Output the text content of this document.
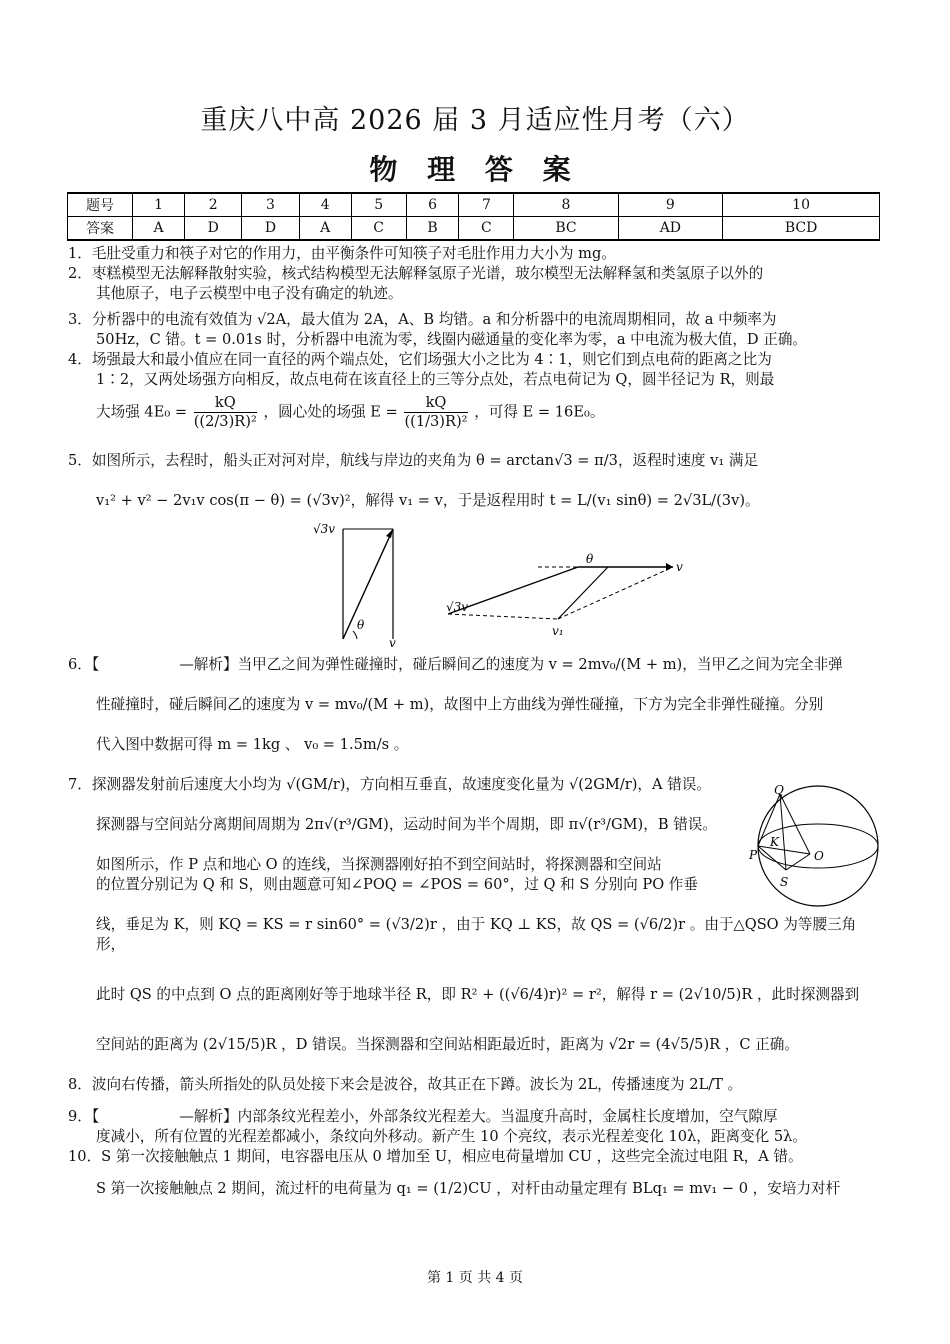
重庆八中高 2026 届 3 月适应性月考（六）
物 理 答 案
题号	1	2	3	4	5	6	7	8	9	10
答案	A	D	D	A	C	B	C	BC	AD	BCD
1．毛肚受重力和筷子对它的作用力，由平衡条件可知筷子对毛肚作用力大小为 mg。
2．枣糕模型无法解释散射实验，核式结构模型无法解释氢原子光谱，玻尔模型无法解释氢和类氢原子以外的
其他原子，电子云模型中电子没有确定的轨迹。
3．分析器中的电流有效值为 √2A，最大值为 2A，A、B 均错。a 和分析器中的电流周期相同，故 a 中频率为
50Hz，C 错。t = 0.01s 时，分析器中电流为零，线圈内磁通量的变化率为零，a 中电流为极大值，D 正确。
4．场强最大和最小值应在同一直径的两个端点处，它们场强大小之比为 4∶1，则它们到点电荷的距离之比为
1∶2，又两处场强方向相反，故点电荷在该直径上的三等分点处，若点电荷记为 Q，圆半径记为 R，则最
大场强 $4E_0 = \frac{kQ}{\text{((2/3)R)²}}$ ，圆心处的场强 $E = \frac{kQ}{\text{((1/3)R)²}}$ ，可得 E = 16E₀。
5．如图所示，去程时，船头正对河对岸，航线与岸边的夹角为 θ = arctan√3 = π/3，返程时速度 v₁ 满足
v₁² + v² − 2v₁v cos(π − θ) = (√3v)²，解得 v₁ = v，于是返程用时 t = L/(v₁ sinθ) = 2√3L/(3v)。
√3v
θ
v
θ
v
√3v
v₁
6．【	—解析】当甲乙之间为弹性碰撞时，碰后瞬间乙的速度为 v = 2mv₀/(M + m)，当甲乙之间为完全非弹
性碰撞时，碰后瞬间乙的速度为 v = mv₀/(M + m)，故图中上方曲线为弹性碰撞，下方为完全非弹性碰撞。分别
代入图中数据可得 m = 1kg 、 v₀ = 1.5m/s 。
7．探测器发射前后速度大小均为 √(GM/r)，方向相互垂直，故速度变化量为 √(2GM/r)，A 错误。
探测器与空间站分离期间周期为 2π√(r³/GM)，运动时间为半个周期，即 π√(r³/GM)，B 错误。
如图所示，作 P 点和地心 O 的连线，当探测器刚好拍不到空间站时，将探测器和空间站
的位置分别记为 Q 和 S，则由题意可知∠POQ = ∠POS = 60°，过 Q 和 S 分别向 PO 作垂
线，垂足为 K，则 KQ = KS = r sin60° = (√3/2)r ，由于 KQ ⊥ KS，故 QS = (√6/2)r 。由于△QSO 为等腰三角形，
此时 QS 的中点到 O 点的距离刚好等于地球半径 R，即 R² + ((√6/4)r)² = r²，解得 r = (2√10/5)R ，此时探测器到
空间站的距离为 (2√15/5)R ，D 错误。当探测器和空间站相距最近时，距离为 √2r = (4√5/5)R ，C 正确。
8．波向右传播，箭头所指处的队员处接下来会是波谷，故其正在下蹲。波长为 2L，传播速度为 2L/T 。
9．【	—解析】内部条纹光程差小，外部条纹光程差大。当温度升高时，金属柱长度增加，空气隙厚
度减小，所有位置的光程差都减小，条纹向外移动。新产生 10 个亮纹，表示光程差变化 10λ，距离变化 5λ。
10．S 第一次接触触点 1 期间，电容器电压从 0 增加至 U，相应电荷量增加 CU ，这些完全流过电阻 R，A 错。
S 第一次接触触点 2 期间，流过杆的电荷量为 q₁ = (1/2)CU ，对杆由动量定理有 BLq₁ = mv₁ − 0 ，安培力对杆
Q
K
P	O
S
第 1 页 共 4 页
